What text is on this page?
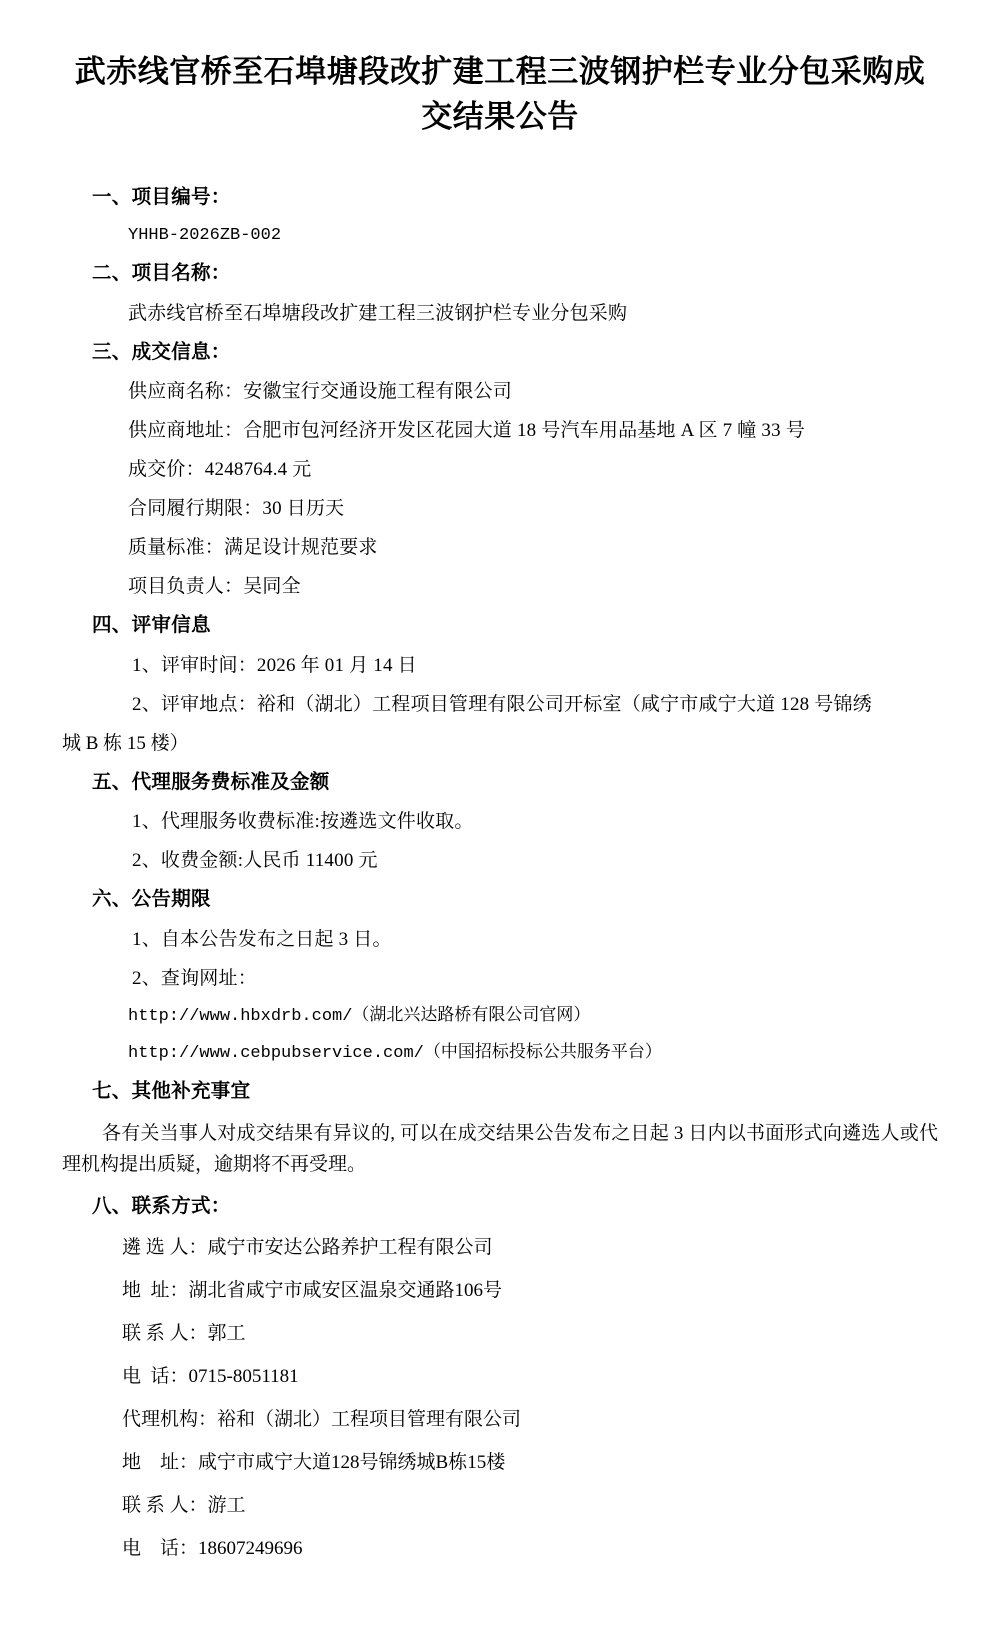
武赤线官桥至石埠塘段改扩建工程三波钢护栏专业分包采购成交结果公告
一、项目编号：
YHHB-2026ZB-002
二、项目名称：
武赤线官桥至石埠塘段改扩建工程三波钢护栏专业分包采购
三、成交信息：
供应商名称：安徽宝行交通设施工程有限公司
供应商地址：合肥市包河经济开发区花园大道 18 号汽车用品基地 A 区 7 幢 33 号
成交价：4248764.4 元
合同履行期限：30 日历天
质量标准：满足设计规范要求
项目负责人：吴同全
四、评审信息
1、评审时间：2026 年 01 月 14 日
2、评审地点：裕和（湖北）工程项目管理有限公司开标室（咸宁市咸宁大道 128 号锦绣
城 B 栋 15 楼）
五、代理服务费标准及金额
1、代理服务收费标准:按遴选文件收取。
2、收费金额:人民币 11400 元
六、公告期限
1、自本公告发布之日起 3 日。
2、查询网址：
http://www.hbxdrb.com/（湖北兴达路桥有限公司官网）
http://www.cebpubservice.com/（中国招标投标公共服务平台）
七、其他补充事宜
各有关当事人对成交结果有异议的, 可以在成交结果公告发布之日起 3 日内以书面形式向遴选人或代理机构提出质疑，逾期将不再受理。
八、联系方式：
遴 选 人：咸宁市安达公路养护工程有限公司
地  址：湖北省咸宁市咸安区温泉交通路106号
联 系 人：郭工
电  话：0715-8051181
代理机构：裕和（湖北）工程项目管理有限公司
地    址：咸宁市咸宁大道128号锦绣城B栋15楼
联 系 人：游工
电    话：18607249696
